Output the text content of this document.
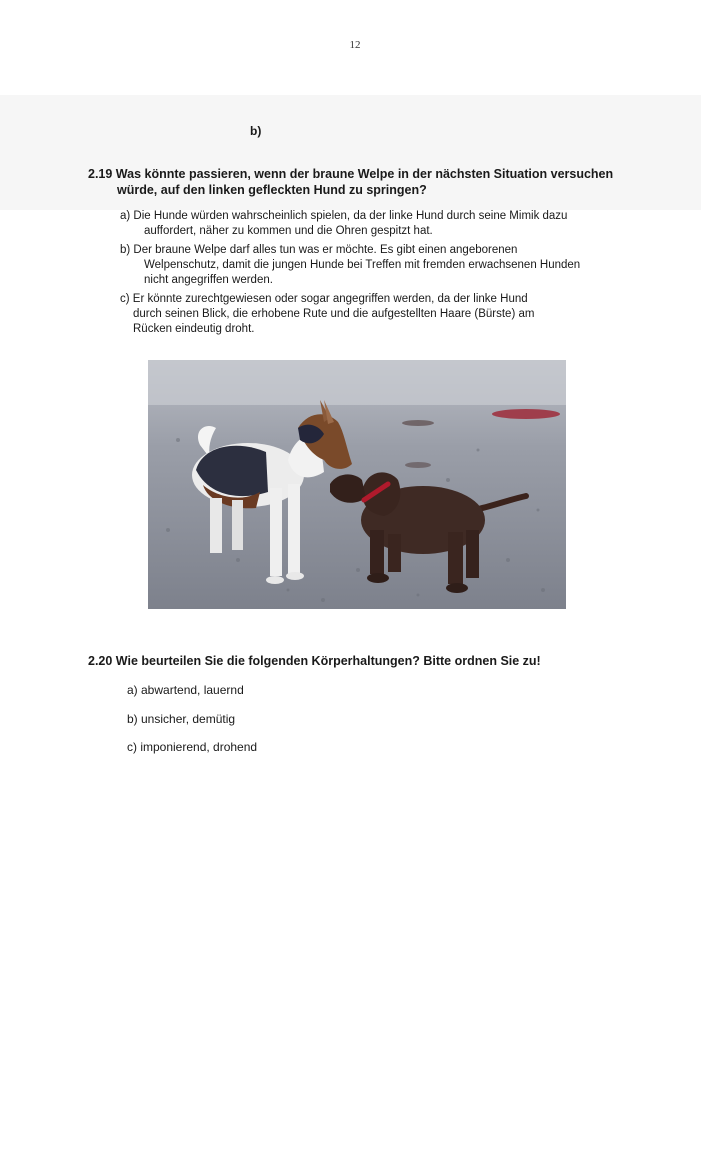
12
b)
2.19 Was könnte passieren, wenn der braune Welpe in der nächsten Situation versuchen
würde, auf den linken gefleckten Hund zu springen?
a) Die Hunde würden wahrscheinlich spielen, da der linke Hund durch seine Mimik dazu
auffordert, näher zu kommen und die Ohren gespitzt hat.
b) Der braune Welpe darf alles tun was er möchte. Es gibt einen angeborenen
Welpenschutz, damit die jungen Hunde bei Treffen mit fremden erwachsenen Hunden
nicht angegriffen werden.
c) Er könnte zurechtgewiesen oder sogar angegriffen werden, da der linke Hund
durch seinen Blick, die erhobene Rute und die aufgestellten Haare (Bürste) am
Rücken eindeutig droht.
2.20 Wie beurteilen Sie die folgenden Körperhaltungen? Bitte ordnen Sie zu!
a) abwartend, lauernd
b) unsicher, demütig
c) imponierend, drohend
